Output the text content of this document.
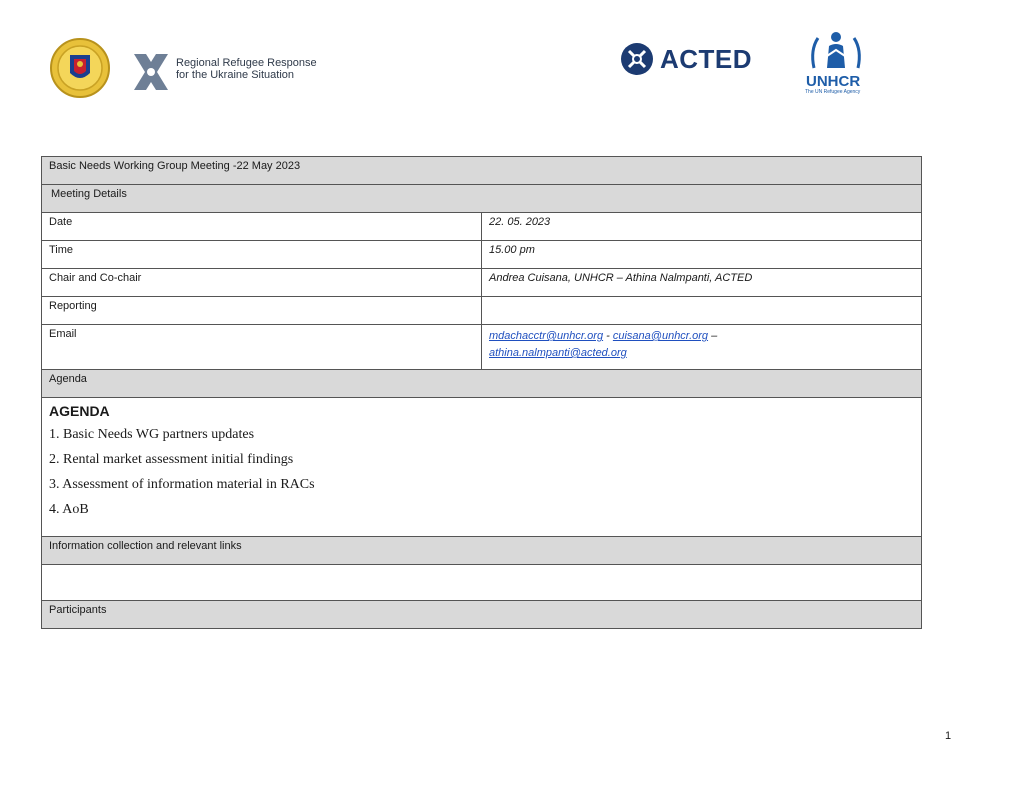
Regional Refugee Response
for the Ukraine Situation
ACTED
UNHCR
The UN Refugee Agency
Basic Needs Working Group Meeting -22 May 2023	
Meeting Details	
Date	22. 05. 2023
Time	15.00 pm
Chair and Co-chair	Andrea Cuisana, UNHCR – Athina Nalmpanti, ACTED
Reporting	
Email	mdachacctr@unhcr.org - cuisana@unhcr.org –
athina.nalmpanti@acted.org
Agenda	

AGENDA
1. Basic Needs WG partners updates
2. Rental market assessment initial findings
3. Assessment of information material in RACs
4. AoB	

Information collection and relevant links	

Participants	
1
